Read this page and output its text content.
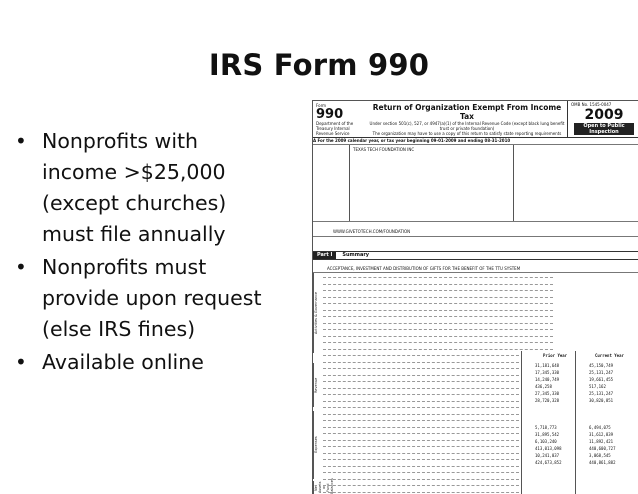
IRS Form 990
• Nonprofits with
income >$25,000
(except churches)
must file annually
• Nonprofits must
provide upon request
(else IRS fines)
• Available online
Form
990
Department of the Treasury Internal Revenue Service
Return of Organization Exempt From Income Tax
Under section 501(c), 527, or 4947(a)(1) of the Internal Revenue Code (except black lung benefit trust or private foundation)
The organization may have to use a copy of this return to satisfy state reporting requirements
OMB No. 1545-0047
2009
Open to Public Inspection
A For the 2009 calendar year, or tax year beginning 09-01-2009 and ending 08-31-2010
TEXAS TECH FOUNDATION INC
WWW.GIVETOTECH.COM/FOUNDATION
Part I Summary
ACCEPTANCE, INVESTMENT AND DISTRIBUTION OF GIFTS FOR THE BENEFIT OF THE TTU SYSTEM
Activities & Governance
Revenue
Expenses
Net Assets or Fund Balances
Prior Year	Current Year
31,181,648	45,150,749
17,345,330	25,131,247
14,240,749	19,661,455
436,258	517,162
27,345,330	25,131,247
28,720,328	30,820,851
5,718,773	6,494,075
31,895,542	31,612,839
6,103,240	11,892,421
413,013,098	440,600,727
10,241,037	3,068,545
424,673,852	440,861,882
